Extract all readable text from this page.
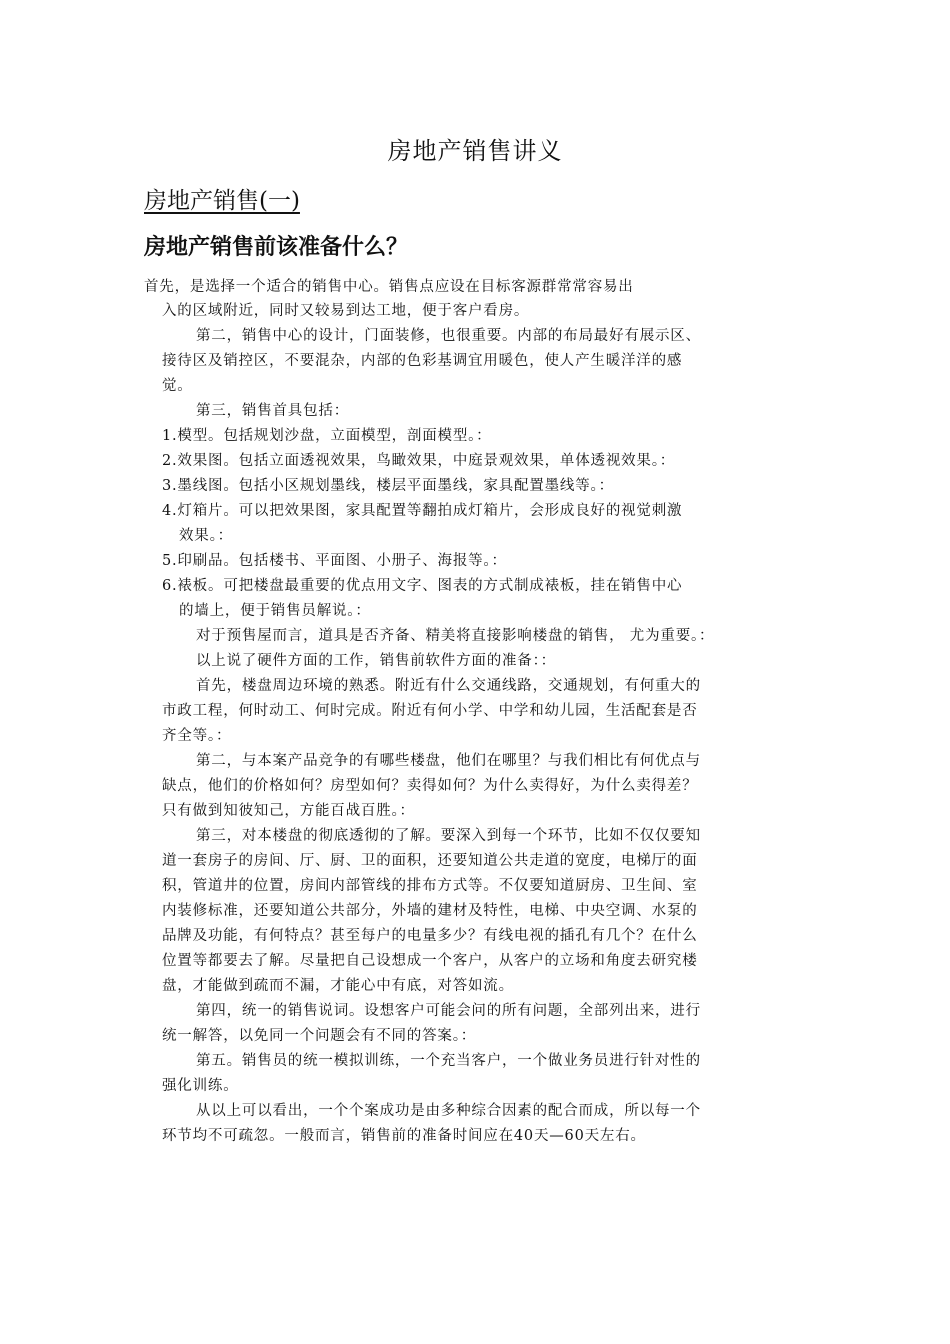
房地产销售讲义
房地产销售(一)
房地产销售前该准备什么？
首先，是选择一个适合的销售中心。销售点应设在目标客源群常常容易出
入的区域附近，同时又较易到达工地，便于客户看房。
第二，销售中心的设计，门面装修，也很重要。内部的布局最好有展示区、
接待区及销控区，不要混杂，内部的色彩基调宜用暖色，使人产生暖洋洋的感
觉。
第三，销售首具包括：
1.模型。包括规划沙盘，立面模型，剖面模型。：
2.效果图。包括立面透视效果，鸟瞰效果，中庭景观效果，单体透视效果。：
3.墨线图。包括小区规划墨线，楼层平面墨线，家具配置墨线等。：
4.灯箱片。可以把效果图，家具配置等翻拍成灯箱片，会形成良好的视觉刺激
效果。：
5.印刷品。包括楼书、平面图、小册子、海报等。：
6.裱板。可把楼盘最重要的优点用文字、图表的方式制成裱板，挂在销售中心
的墙上，便于销售员解说。：
对于预售屋而言，道具是否齐备、精美将直接影响楼盘的销售， 尤为重要。：
以上说了硬件方面的工作，销售前软件方面的准备：：
首先，楼盘周边环境的熟悉。附近有什么交通线路，交通规划，有何重大的
市政工程，何时动工、何时完成。附近有何小学、中学和幼儿园，生活配套是否
齐全等。：
第二，与本案产品竞争的有哪些楼盘，他们在哪里？与我们相比有何优点与
缺点，他们的价格如何？房型如何？卖得如何？为什么卖得好，为什么卖得差？
只有做到知彼知己，方能百战百胜。：
第三，对本楼盘的彻底透彻的了解。要深入到每一个环节，比如不仅仅要知
道一套房子的房间、厅、厨、卫的面积，还要知道公共走道的宽度，电梯厅的面
积，管道井的位置，房间内部管线的排布方式等。不仅要知道厨房、卫生间、室
内装修标准，还要知道公共部分，外墙的建材及特性，电梯、中央空调、水泵的
品牌及功能，有何特点？甚至每户的电量多少？有线电视的插孔有几个？在什么
位置等都要去了解。尽量把自己设想成一个客户，从客户的立场和角度去研究楼
盘，才能做到疏而不漏，才能心中有底，对答如流。
第四，统一的销售说词。设想客户可能会问的所有问题，全部列出来，进行
统一解答，以免同一个问题会有不同的答案。：
第五。销售员的统一模拟训练，一个充当客户，一个做业务员进行针对性的
强化训练。
从以上可以看出，一个个案成功是由多种综合因素的配合而成，所以每一个
环节均不可疏忽。一般而言，销售前的准备时间应在40天—60天左右。
